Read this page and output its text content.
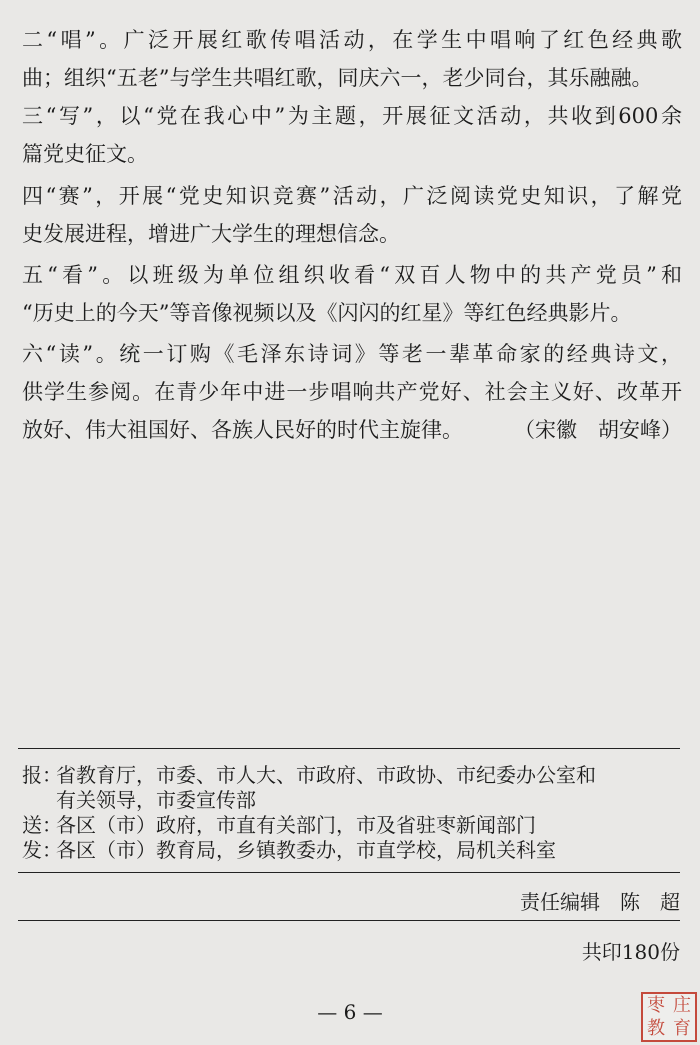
二“唱”。广泛开展红歌传唱活动，在学生中唱响了红色经典歌

曲；组织“五老”与学生共唱红歌，同庆六一，老少同台，其乐融融。

三“写”，以“党在我心中”为主题，开展征文活动，共收到600余

篇党史征文。

四“赛”，开展“党史知识竞赛”活动，广泛阅读党史知识，了解党

史发展进程，增进广大学生的理想信念。

五“看”。以班级为单位组织收看“双百人物中的共产党员”和

“历史上的今天”等音像视频以及《闪闪的红星》等红色经典影片。

六“读”。统一订购《毛泽东诗词》等老一辈革命家的经典诗文，

供学生参阅。在青少年中进一步唱响共产党好、社会主义好、改革开

放好、伟大祖国好、各族人民好的时代主旋律。 （宋徽　胡安峰）

报：省教育厅，市委、市人大、市政府、市政协、市纪委办公室和
有关领导，市委宣传部
送：各区（市）政府，市直有关部门，市及省驻枣新闻部门
发：各区（市）教育局，乡镇教委办，市直学校，局机关科室
责任编辑　陈　超
共印180份
— 6 —	枣 庄
教 育
